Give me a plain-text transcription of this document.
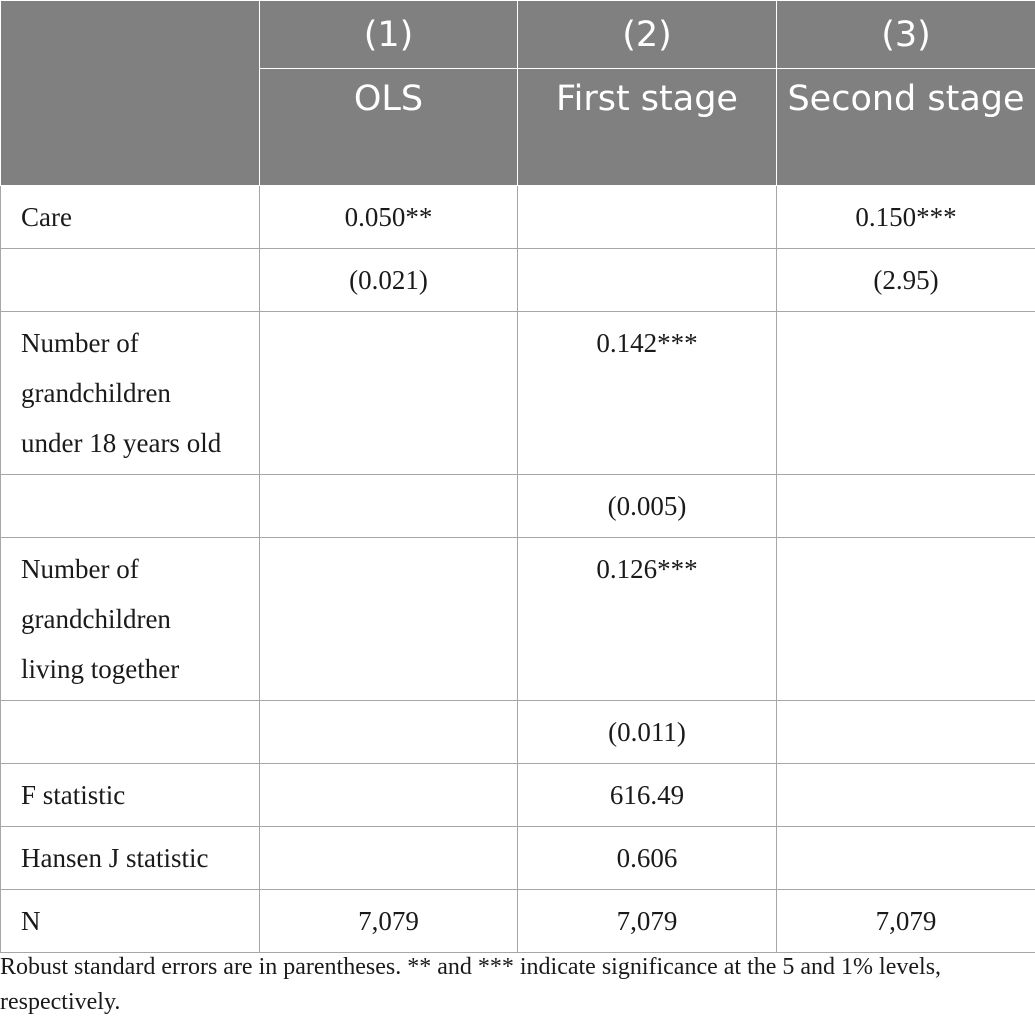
	(1)	(2)	(3)
	OLS	First stage	Second stage
Care	0.050**		0.150***
	(0.021)		(2.95)
Number of grandchildren under 18 years old		0.142***	
		(0.005)	
Number of grandchildren living together		0.126***	
		(0.011)	
F statistic		616.49	
Hansen J statistic		0.606	
N	7,079	7,079	7,079

Robust standard errors are in parentheses. ** and *** indicate significance at the 5 and 1% levels, respectively.
